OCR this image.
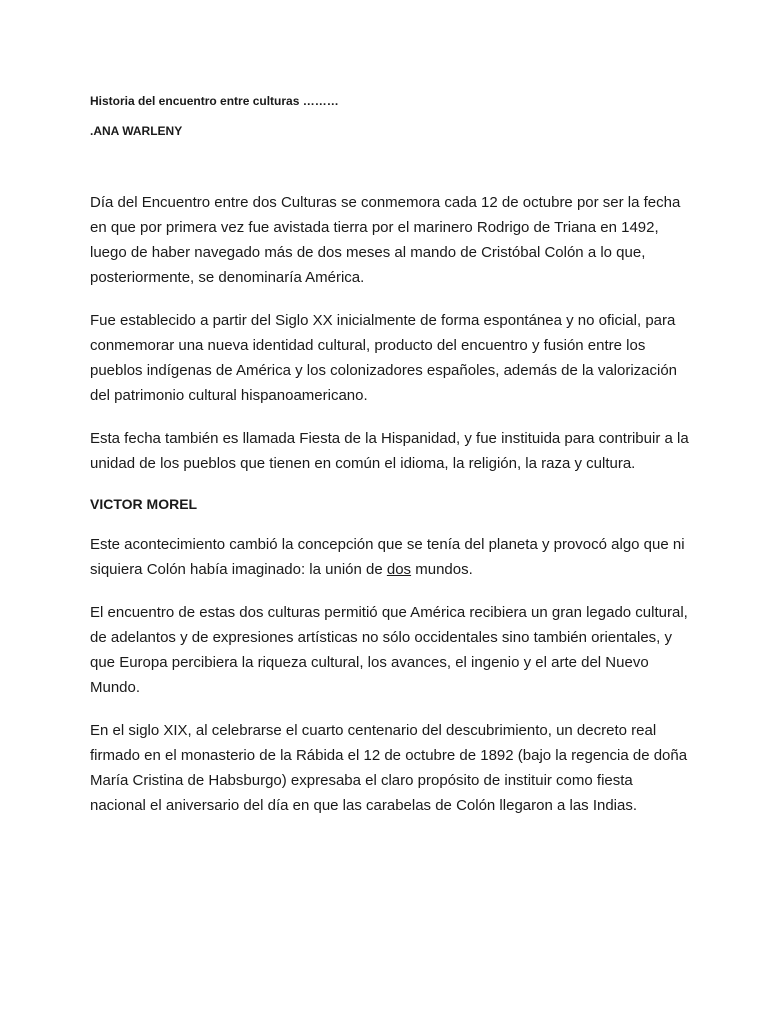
Historia del encuentro entre culturas ………
.ANA WARLENY

Día del Encuentro entre dos Culturas se conmemora cada 12 de octubre por ser la fecha en que por primera vez fue avistada tierra por el marinero Rodrigo de Triana en 1492, luego de haber navegado más de dos meses al mando de Cristóbal Colón a lo que, posteriormente, se denominaría América.

Fue establecido a partir del Siglo XX inicialmente de forma espontánea y no oficial, para conmemorar una nueva identidad cultural, producto del encuentro y fusión entre los pueblos indígenas de América y los colonizadores españoles, además de la valorización del patrimonio cultural hispanoamericano.

Esta fecha también es llamada Fiesta de la Hispanidad, y fue instituida para contribuir a la unidad de los pueblos que tienen en común el idioma, la religión, la raza y cultura.

VICTOR MOREL

Este acontecimiento cambió la concepción que se tenía del planeta y provocó algo que ni siquiera Colón había imaginado: la unión de dos mundos.

El encuentro de estas dos culturas permitió que América recibiera un gran legado cultural, de adelantos y de expresiones artísticas no sólo occidentales sino también orientales, y que Europa percibiera la riqueza cultural, los avances, el ingenio y el arte del Nuevo Mundo.

En el siglo XIX, al celebrarse el cuarto centenario del descubrimiento, un decreto real firmado en el monasterio de la Rábida el 12 de octubre de 1892 (bajo la regencia de doña María Cristina de Habsburgo) expresaba el claro propósito de instituir como fiesta nacional el aniversario del día en que las carabelas de Colón llegaron a las Indias.
